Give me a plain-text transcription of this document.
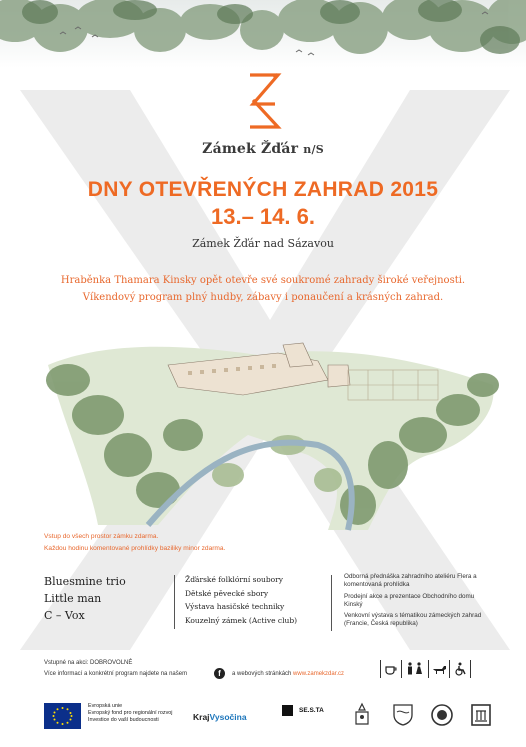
Zámek Žďár n/S
DNY OTEVŘENÝCH ZAHRAD 2015
13.– 14. 6.
Zámek Žďár nad Sázavou
Hraběnka Thamara Kinsky opět otevře své soukromé zahrady široké veřejnosti.
Víkendový program plný hudby, zábavy i ponaučení a krásných zahrad.
Vstup do všech prostor zámku zdarma.
Každou hodinu komentované prohlídky baziliky minor zdarma.
Bluesmine trio
Little man
C – Vox
Žďárské folklórní soubory
Dětské pěvecké sbory
Výstava hasičské techniky
Kouzelný zámek (Active club)
Odborná přednáška zahradního ateliéru Flera a komentovaná prohlídka
Prodejní akce a prezentace Obchodního domu Kinský
Venkovní výstava s tématikou zámeckých zahrad (Francie, Česká republika)
Vstupné na akci: DOBROVOLNÉ
Více informací a konkrétní program najdete na našem	f	a webových stránkách www.zamekzdar.cz
Evropská unie
Evropský fond pro regionální rozvoj
Investice do vaší budoucnosti	KrajVysočina
SE.S.TA
